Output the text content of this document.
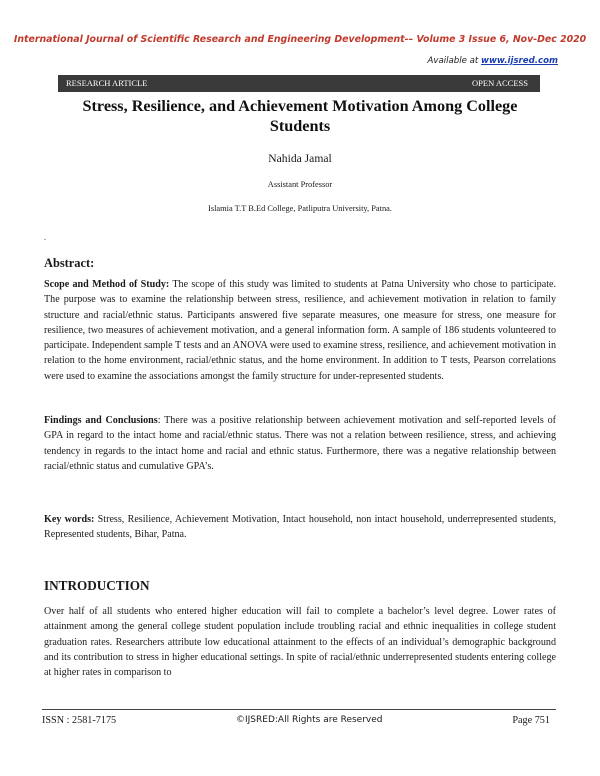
International Journal of Scientific Research and Engineering Development-– Volume 3 Issue 6, Nov-Dec 2020
Available at www.ijsred.com
RESEARCH ARTICLE	OPEN ACCESS
Stress, Resilience, and Achievement Motivation Among College Students
Nahida Jamal
Assistant Professor
Islamia T.T B.Ed College, Patliputra University, Patna.
.
Abstract:
Scope and Method of Study: The scope of this study was limited to students at Patna University who chose to participate. The purpose was to examine the relationship between stress, resilience, and achievement motivation in relation to family structure and racial/ethnic status. Participants answered five separate measures, one measure for stress, one measure for resilience, two measures of achievement motivation, and a general information form. A sample of 186 students volunteered to participate. Independent sample T tests and an ANOVA were used to examine stress, resilience, and achievement motivation in relation to the home environment, racial/ethnic status, and the home environment. In addition to T tests, Pearson correlations were used to examine the associations amongst the family structure for under-represented students.
Findings and Conclusions: There was a positive relationship between achievement motivation and self-reported levels of GPA in regard to the intact home and racial/ethnic status. There was not a relation between resilience, stress, and achieving tendency in regards to the intact home and racial and ethnic status. Furthermore, there was a negative relationship between racial/ethnic status and cumulative GPA’s.
Key words: Stress, Resilience, Achievement Motivation, Intact household, non intact household, underrepresented students, Represented students, Bihar, Patna.
INTRODUCTION
Over half of all students who entered higher education will fail to complete a bachelor’s level degree. Lower rates of attainment among the general college student population include troubling racial and ethnic inequalities in college student graduation rates. Researchers attribute low educational attainment to the effects of an individual’s demographic background and its contribution to stress in higher educational settings. In spite of racial/ethnic underrepresented students entering college at higher rates in comparison to
ISSN : 2581-7175	©IJSRED:All Rights are Reserved	Page 751
